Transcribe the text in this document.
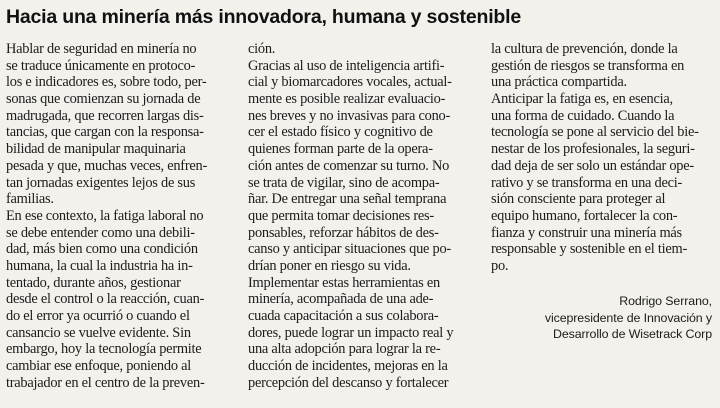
Hacia una minería más innovadora, humana y sostenible
Hablar de seguridad en minería no
se traduce únicamente en protoco-
los e indicadores es, sobre todo, per-
sonas que comienzan su jornada de
madrugada, que recorren largas dis-
tancias, que cargan con la responsa-
bilidad de manipular maquinaria
pesada y que, muchas veces, enfren-
tan jornadas exigentes lejos de sus
familias.
En ese contexto, la fatiga laboral no
se debe entender como una debili-
dad, más bien como una condición
humana, la cual la industria ha in-
tentado, durante años, gestionar
desde el control o la reacción, cuan-
do el error ya ocurrió o cuando el
cansancio se vuelve evidente. Sin
embargo, hoy la tecnología permite
cambiar ese enfoque, poniendo al
trabajador en el centro de la preven-
ción.
Gracias al uso de inteligencia artifi-
cial y biomarcadores vocales, actual-
mente es posible realizar evaluacio-
nes breves y no invasivas para cono-
cer el estado físico y cognitivo de
quienes forman parte de la opera-
ción antes de comenzar su turno. No
se trata de vigilar, sino de acompa-
ñar. De entregar una señal temprana
que permita tomar decisiones res-
ponsables, reforzar hábitos de des-
canso y anticipar situaciones que po-
drían poner en riesgo su vida.
Implementar estas herramientas en
minería, acompañada de una ade-
cuada capacitación a sus colabora-
dores, puede lograr un impacto real y
una alta adopción para lograr la re-
ducción de incidentes, mejoras en la
percepción del descanso y fortalecer
la cultura de prevención, donde la
gestión de riesgos se transforma en
una práctica compartida.
Anticipar la fatiga es, en esencia,
una forma de cuidado. Cuando la
tecnología se pone al servicio del bie-
nestar de los profesionales, la seguri-
dad deja de ser solo un estándar ope-
rativo y se transforma en una deci-
sión consciente para proteger al
equipo humano, fortalecer la con-
fianza y construir una minería más
responsable y sostenible en el tiem-
po.
Rodrigo Serrano,
vicepresidente de Innovación y
Desarrollo de Wisetrack Corp
